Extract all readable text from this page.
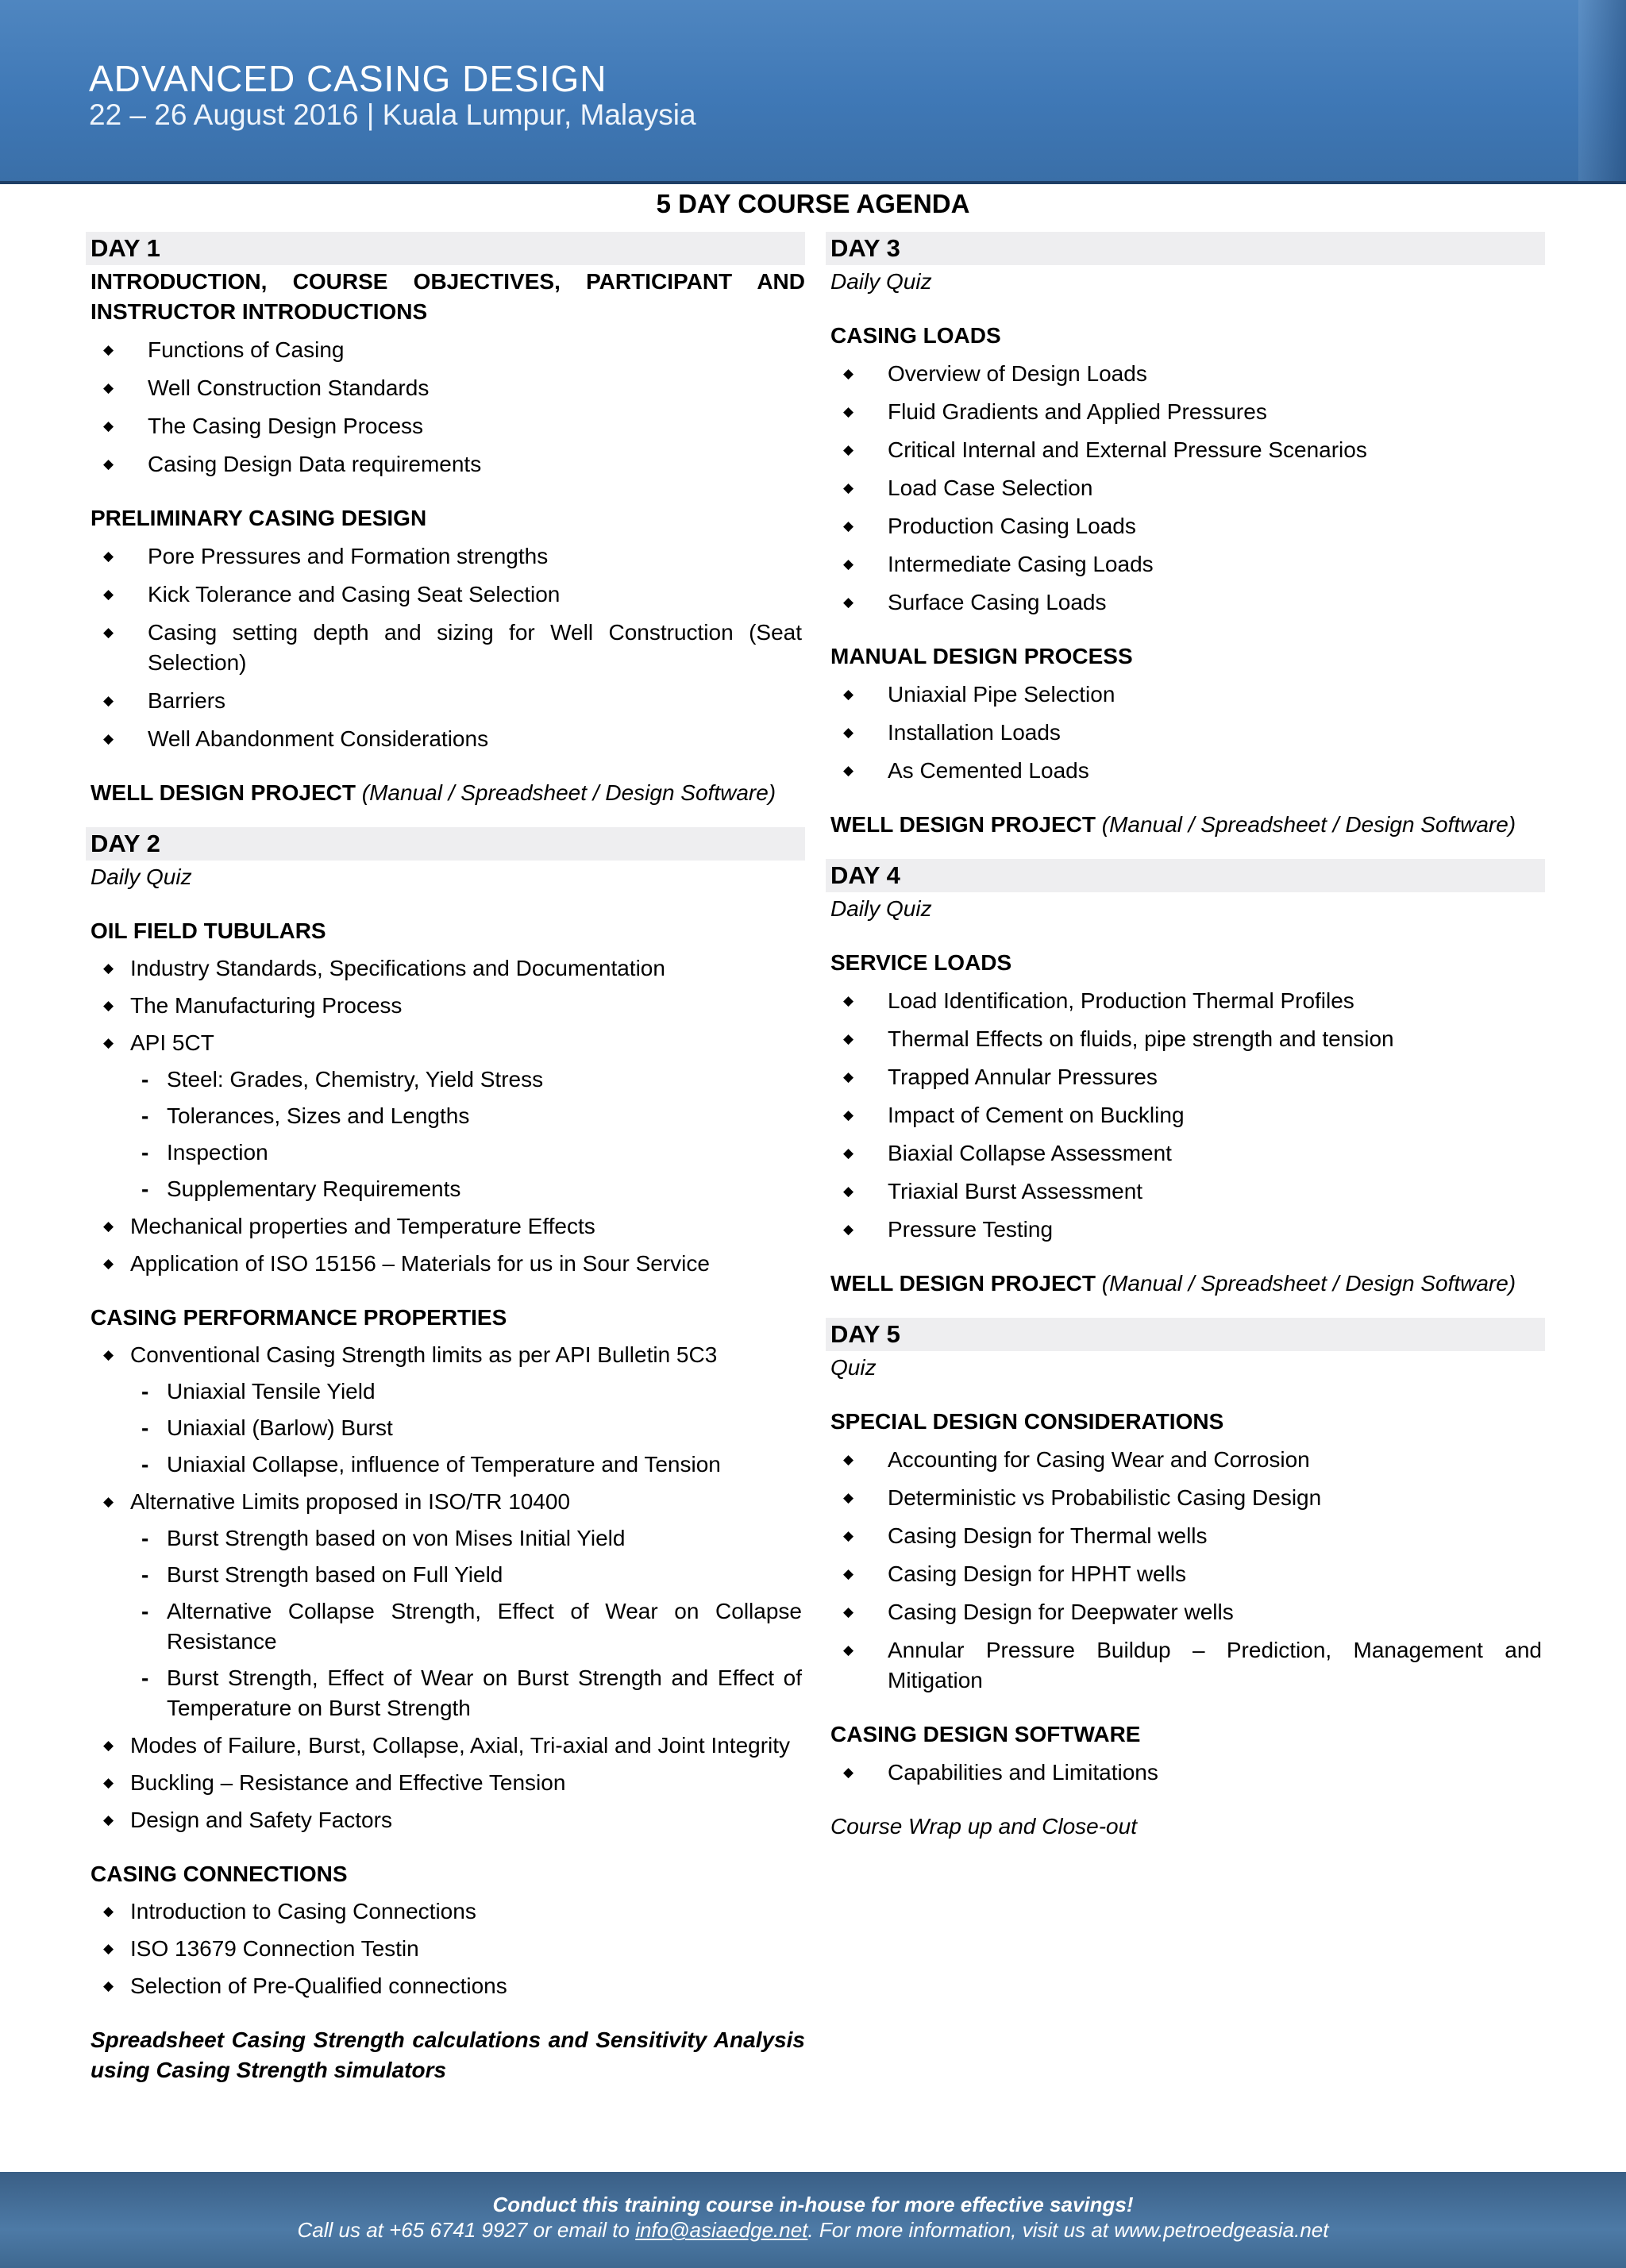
ADVANCED CASING DESIGN
22 – 26 August 2016 | Kuala Lumpur, Malaysia
5 DAY COURSE AGENDA
DAY 1
INTRODUCTION, COURSE OBJECTIVES, PARTICIPANT AND INSTRUCTOR INTRODUCTIONS
◆ Functions of Casing
◆ Well Construction Standards
◆ The Casing Design Process
◆ Casing Design Data requirements
PRELIMINARY CASING DESIGN
◆ Pore Pressures and Formation strengths
◆ Kick Tolerance and Casing Seat Selection
◆ Casing setting depth and sizing for Well Construction (Seat Selection)
◆ Barriers
◆ Well Abandonment Considerations
WELL DESIGN PROJECT (Manual / Spreadsheet / Design Software)
DAY 2
Daily Quiz
OIL FIELD TUBULARS
◆ Industry Standards, Specifications and Documentation
◆ The Manufacturing Process
◆ API 5CT
- Steel: Grades, Chemistry, Yield Stress
- Tolerances, Sizes and Lengths
- Inspection
- Supplementary Requirements
◆ Mechanical properties and Temperature Effects
◆ Application of ISO 15156 – Materials for us in Sour Service
CASING PERFORMANCE PROPERTIES
◆ Conventional Casing Strength limits as per API Bulletin 5C3
- Uniaxial Tensile Yield
- Uniaxial (Barlow) Burst
- Uniaxial Collapse, influence of Temperature and Tension
◆ Alternative Limits proposed in ISO/TR 10400
- Burst Strength based on von Mises Initial Yield
- Burst Strength based on Full Yield
- Alternative Collapse Strength, Effect of Wear on Collapse Resistance
- Burst Strength, Effect of Wear on Burst Strength and Effect of Temperature on Burst Strength
◆ Modes of Failure, Burst, Collapse, Axial, Tri-axial and Joint Integrity
◆ Buckling – Resistance and Effective Tension
◆ Design and Safety Factors
CASING CONNECTIONS
◆ Introduction to Casing Connections
◆ ISO 13679 Connection Testin
◆ Selection of Pre-Qualified connections
Spreadsheet Casing Strength calculations and Sensitivity Analysis using Casing Strength simulators
DAY 3
Daily Quiz
CASING LOADS
◆ Overview of Design Loads
◆ Fluid Gradients and Applied Pressures
◆ Critical Internal and External Pressure Scenarios
◆ Load Case Selection
◆ Production Casing Loads
◆ Intermediate Casing Loads
◆ Surface Casing Loads
MANUAL DESIGN PROCESS
◆ Uniaxial Pipe Selection
◆ Installation Loads
◆ As Cemented Loads
WELL DESIGN PROJECT (Manual / Spreadsheet / Design Software)
DAY 4
Daily Quiz
SERVICE LOADS
◆ Load Identification, Production Thermal Profiles
◆ Thermal Effects on fluids, pipe strength and tension
◆ Trapped Annular Pressures
◆ Impact of Cement on Buckling
◆ Biaxial Collapse Assessment
◆ Triaxial Burst Assessment
◆ Pressure Testing
WELL DESIGN PROJECT (Manual / Spreadsheet / Design Software)
DAY 5
Quiz
SPECIAL DESIGN CONSIDERATIONS
◆ Accounting for Casing Wear and Corrosion
◆ Deterministic vs Probabilistic Casing Design
◆ Casing Design for Thermal wells
◆ Casing Design for HPHT wells
◆ Casing Design for Deepwater wells
◆ Annular Pressure Buildup – Prediction, Management and Mitigation
CASING DESIGN SOFTWARE
◆ Capabilities and Limitations
Course Wrap up and Close-out
Conduct this training course in-house for more effective savings!
Call us at +65 6741 9927 or email to info@asiaedge.net. For more information, visit us at www.petroedgeasia.net
